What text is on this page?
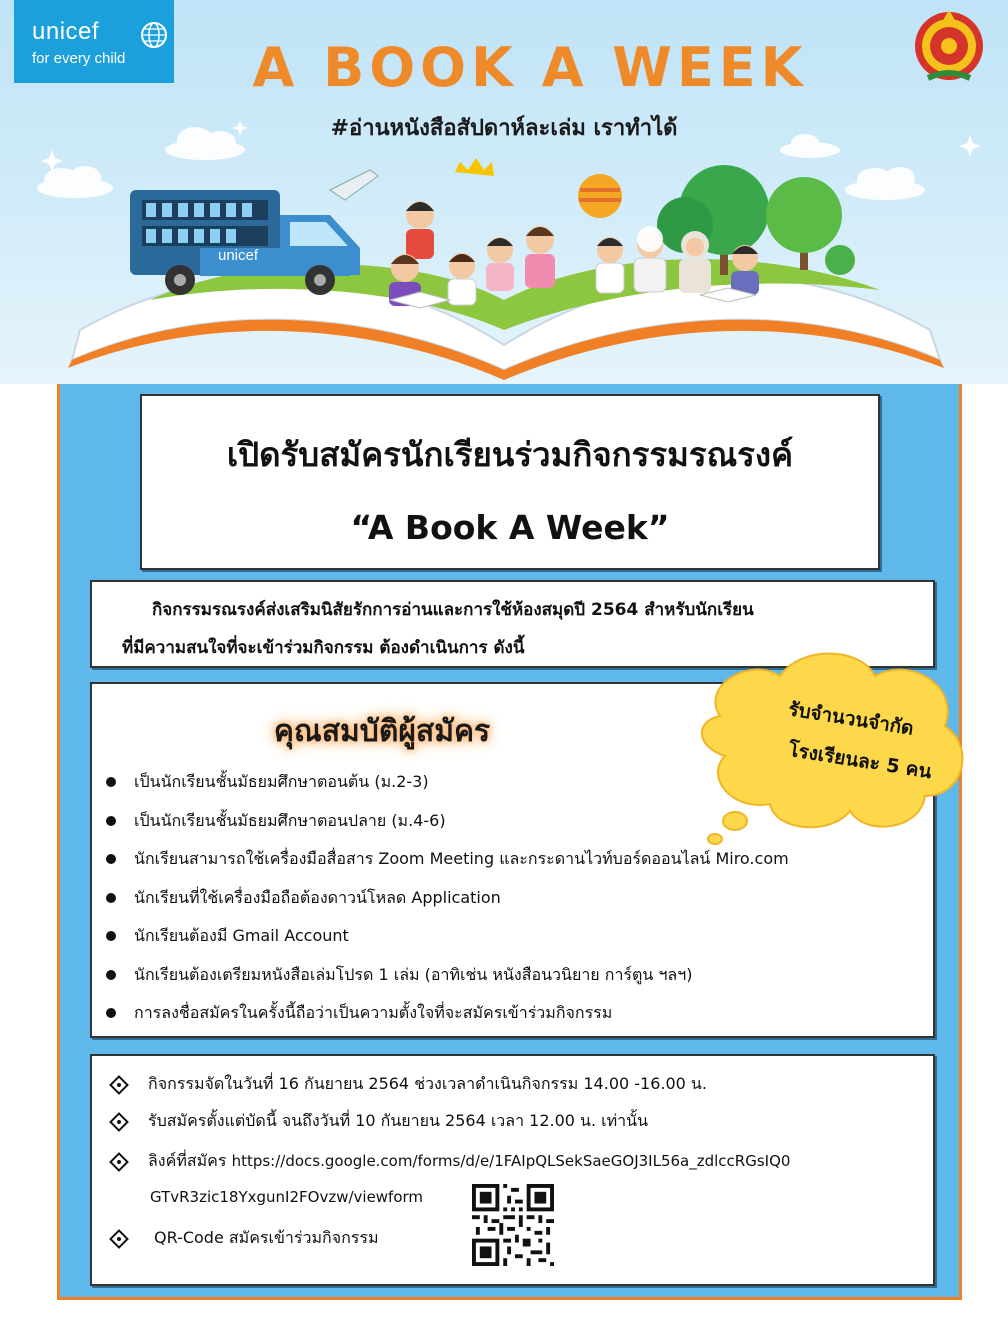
unicef
for every child	A BOOK A WEEK
#อ่านหนังสือสัปดาห์ละเล่ม เราทำได้
unicef
เปิดรับสมัครนักเรียนร่วมกิจกรรมรณรงค์
“A Book A Week”

กิจกรรมรณรงค์ส่งเสริมนิสัยรักการอ่านและการใช้ห้องสมุดปี 2564 สำหรับนักเรียน

ที่มีความสนใจที่จะเข้าร่วมกิจกรรม ต้องดำเนินการ ดังนี้

คุณสมบัติผู้สมัคร
เป็นนักเรียนชั้นมัธยมศึกษาตอนต้น (ม.2-3)
เป็นนักเรียนชั้นมัธยมศึกษาตอนปลาย (ม.4-6)
นักเรียนสามารถใช้เครื่องมือสื่อสาร Zoom Meeting และกระดานไวท์บอร์ดออนไลน์ Miro.com
นักเรียนที่ใช้เครื่องมือถือต้องดาวน์โหลด Application
นักเรียนต้องมี Gmail Account
นักเรียนต้องเตรียมหนังสือเล่มโปรด 1 เล่ม (อาทิเช่น หนังสือนวนิยาย การ์ตูน ฯลฯ)
การลงชื่อสมัครในครั้งนี้ถือว่าเป็นความตั้งใจที่จะสมัครเข้าร่วมกิจกรรม
รับจำนวนจำกัด
โรงเรียนละ 5 คน
กิจกรรมจัดในวันที่ 16 กันยายน 2564 ช่วงเวลาดำเนินกิจกรรม 14.00 -16.00 น.
รับสมัครตั้งแต่บัดนี้ จนถึงวันที่ 10 กันยายน 2564 เวลา 12.00 น. เท่านั้น
ลิงค์ที่สมัคร https://docs.google.com/forms/d/e/1FAIpQLSekSaeGOJ3IL56a_zdlccRGsIQ0
GTvR3zic18YxgunI2FOvzw/viewform
QR-Code สมัครเข้าร่วมกิจกรรม
